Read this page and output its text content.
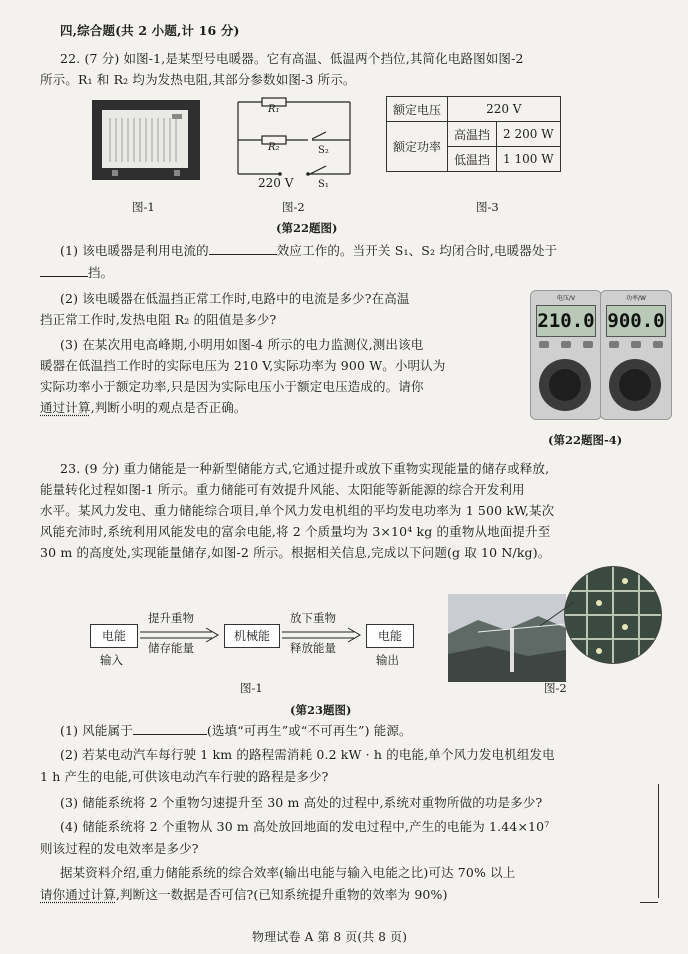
四,综合题(共 2 小题,计 16 分)
22. (7 分) 如图-1,是某型号电暖器。它有高温、低温两个挡位,其简化电路图如图-2
所示。R₁ 和 R₂ 均为发热电阻,其部分参数如图-3 所示。
图-1
R₁
R₂	S₂
S₁
220 V
图-2
额定电压	220 V	
额定功率	高温挡	2 200 W
	低温挡	1 100 W
图-3
(第22题图)
(1) 该电暖器是利用电流的	效应工作的。当开关 S₁、S₂ 均闭合时,电暖器处于
挡。
(2) 该电暖器在低温挡正常工作时,电路中的电流是多少?在高温
挡正常工作时,发热电阻 R₂ 的阻值是多少?
(3) 在某次用电高峰期,小明用如图-4 所示的电力监测仪,测出该电
暖器在低温挡工作时的实际电压为 210 V,实际功率为 900 W。小明认为
实际功率小于额定功率,只是因为实际电压小于额定电压造成的。请你
通过计算,判断小明的观点是否正确。
电压/V
210.0
功率/W
900.0
(第22题图-4)
23. (9 分) 重力储能是一种新型储能方式,它通过提升或放下重物实现能量的储存或释放,
能量转化过程如图-1 所示。重力储能可有效提升风能、太阳能等新能源的综合开发利用
水平。某风力发电、重力储能综合项目,单个风力发电机组的平均发电功率为 1 500 kW,某次
风能充沛时,系统利用风能发电的富余电能,将 2 个质量均为 3×10⁴ kg 的重物从地面提升至
30 m 的高度处,实现能量储存,如图-2 所示。根据相关信息,完成以下问题(g 取 10 N/kg)。
电能
输入
提升重物
储存能量
机械能
放下重物
释放能量
电能
输出
图-1	图-2
(第23题图)
(1) 风能属于	(选填“可再生”或“不可再生”) 能源。
(2) 若某电动汽车每行驶 1 km 的路程需消耗 0.2 kW · h 的电能,单个风力发电机组发电
1 h 产生的电能,可供该电动汽车行驶的路程是多少?
(3) 储能系统将 2 个重物匀速提升至 30 m 高处的过程中,系统对重物所做的功是多少?
(4) 储能系统将 2 个重物从 30 m 高处放回地面的发电过程中,产生的电能为 1.44×10⁷
则该过程的发电效率是多少?
据某资料介绍,重力储能系统的综合效率(输出电能与输入电能之比)可达 70% 以上
请你通过计算,判断这一数据是否可信?(已知系统提升重物的效率为 90%)
物理试卷 A 第 8 页(共 8 页)
